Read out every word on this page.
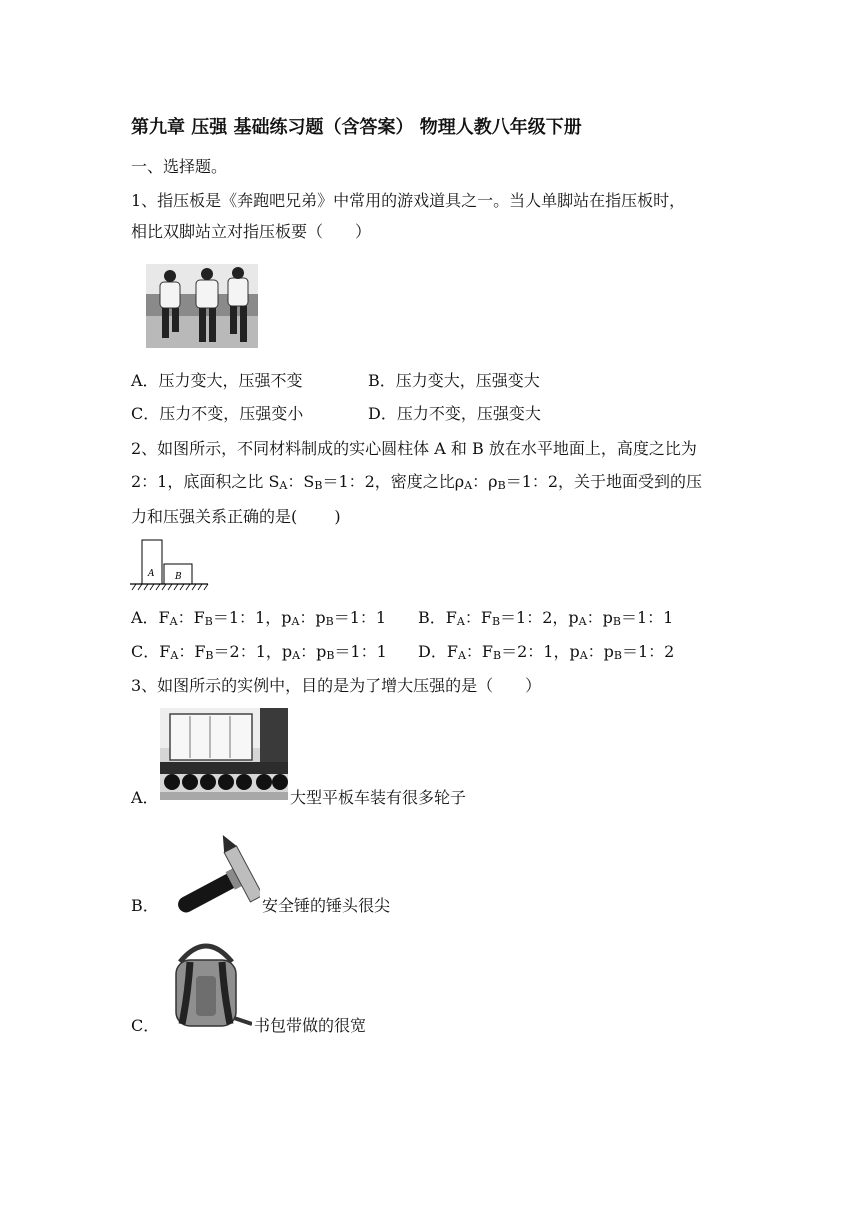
第九章 压强 基础练习题（含答案） 物理人教八年级下册
一、选择题。
1、指压板是《奔跑吧兄弟》中常用的游戏道具之一。当人单脚站在指压板时，
相比双脚站立对指压板要（　　）
A．压力变大，压强不变	B．压力变大，压强变大
C．压力不变，压强变小	D．压力不变，压强变大
2、如图所示，不同材料制成的实心圆柱体 A 和 B 放在水平地面上，高度之比为
2：1，底面积之比 SA：SB＝1：2，密度之比ρA：ρB＝1：2，关于地面受到的压
力和压强关系正确的是(　　 )
A B
A．FA：FB＝1：1，pA：pB＝1：1 B．FA：FB＝1：2，pA：pB＝1：1
C．FA：FB＝2：1，pA：pB＝1：1 D．FA：FB＝2：1，pA：pB＝1：2
3、如图所示的实例中，目的是为了增大压强的是（　　）
A．	大型平板车装有很多轮子
B．	安全锤的锤头很尖
C．	书包带做的很宽
